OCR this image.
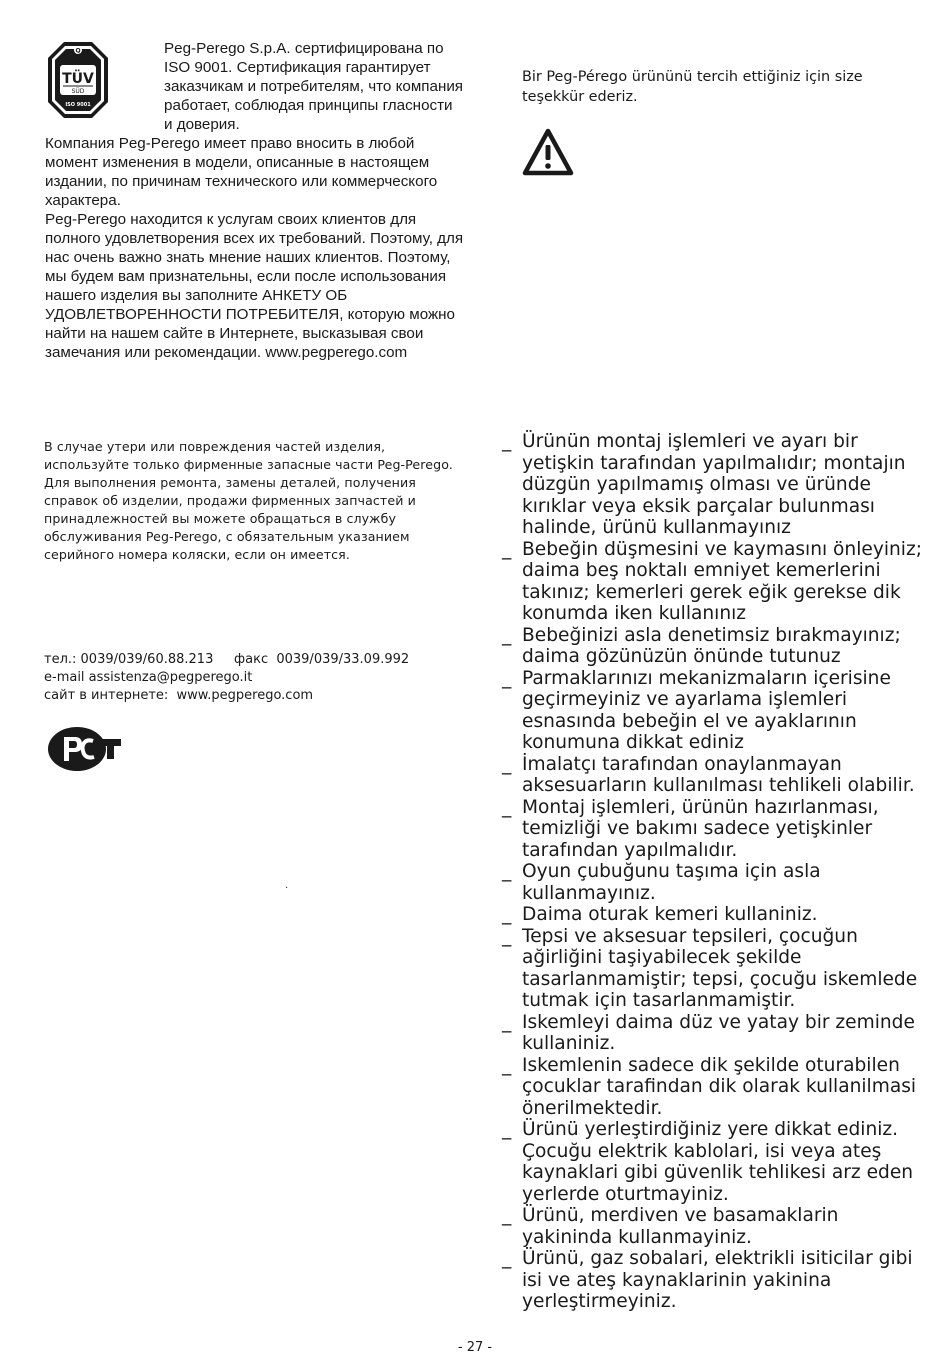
Q
TÜV
SÜD
ISO 9001

Peg-Perego S.p.A. сертифицирована по ISO 9001. Сертификация гарантирует заказчикам и потребителям, что компания работает, соблюдая принципы гласности и доверия.

Компания Peg-Perego имеет право вносить в любой момент изменения в модели, описанные в настоящем издании, по причинам технического или коммерческого характера.

Peg-Perego находится к услугам своих клиентов для полного удовлетворения всех их требований. Поэтому, для нас очень важно знать мнение наших клиентов. Поэтому, мы будем вам признательны, если после использования нашего изделия вы заполните АНКЕТУ ОБ УДОВЛЕТВОРЕННОСТИ ПОТРЕБИТЕЛЯ, которую можно найти на нашем сайте в Интернете, высказывая свои замечания или рекомендации. www.pegperego.com

В случае утери или повреждения частей изделия, используйте только фирменные запасные части Peg-Perego. Для выполнения ремонта, замены деталей, получения справок об изделии, продажи фирменных запчастей и принадлежностей вы можете обращаться в службу обслуживания Peg-Perego, с обязательным указанием серийного номера коляски, если он имеется.
тел.: 0039/039/60.88.213     факс  0039/039/33.09.992
e-mail assistenza@pegperego.it
сайт в интернете:  www.pegperego.com
.
Bir Peg-Pérego ürününü tercih ettiğiniz için size teşekkür ederiz.
_ Ürünün montaj işlemleri ve ayarı bir yetişkin tarafından yapılmalıdır; montajın düzgün yapılmamış olması ve üründe kırıklar veya eksik parçalar bulunması halinde, ürünü kullanmayınız
_ Bebeğin düşmesini ve kaymasını önleyiniz; daima beş noktalı emniyet kemerlerini takınız; kemerleri gerek eğik gerekse dik konumda iken kullanınız
_ Bebeğinizi asla denetimsiz bırakmayınız; daima gözünüzün önünde tutunuz
_ Parmaklarınızı mekanizmaların içerisine geçirmeyiniz ve ayarlama işlemleri esnasında bebeğin el ve ayaklarının konumuna dikkat ediniz
_ İmalatçı tarafından onaylanmayan aksesuarların kullanılması tehlikeli olabilir.
_ Montaj işlemleri, ürünün hazırlanması, temizliği ve bakımı sadece yetişkinler tarafından yapılmalıdır.
_ Oyun çubuğunu taşıma için asla kullanmayınız.
_ Daima oturak kemeri kullaniniz.
_ Tepsi ve aksesuar tepsileri, çocuğun ağirliğini taşiyabilecek şekilde tasarlanmamiştir; tepsi, çocuğu iskemlede tutmak için tasarlanmamiştir.
_ Iskemleyi daima düz ve yatay bir zeminde kullaniniz.
_ Iskemlenin sadece dik şekilde oturabilen çocuklar tarafindan dik olarak kullanilmasi önerilmektedir.
_ Ürünü yerleştirdiğiniz yere dikkat ediniz. Çocuğu elektrik kablolari, isi veya ateş kaynaklari gibi güvenlik tehlikesi arz eden yerlerde oturtmayiniz.
_ Ürünü, merdiven ve basamaklarin yakininda kullanmayiniz.
_ Ürünü, gaz sobalari, elektrikli isiticilar gibi isi ve ateş kaynaklarinin yakinina yerleştirmeyiniz.
- 27 -
